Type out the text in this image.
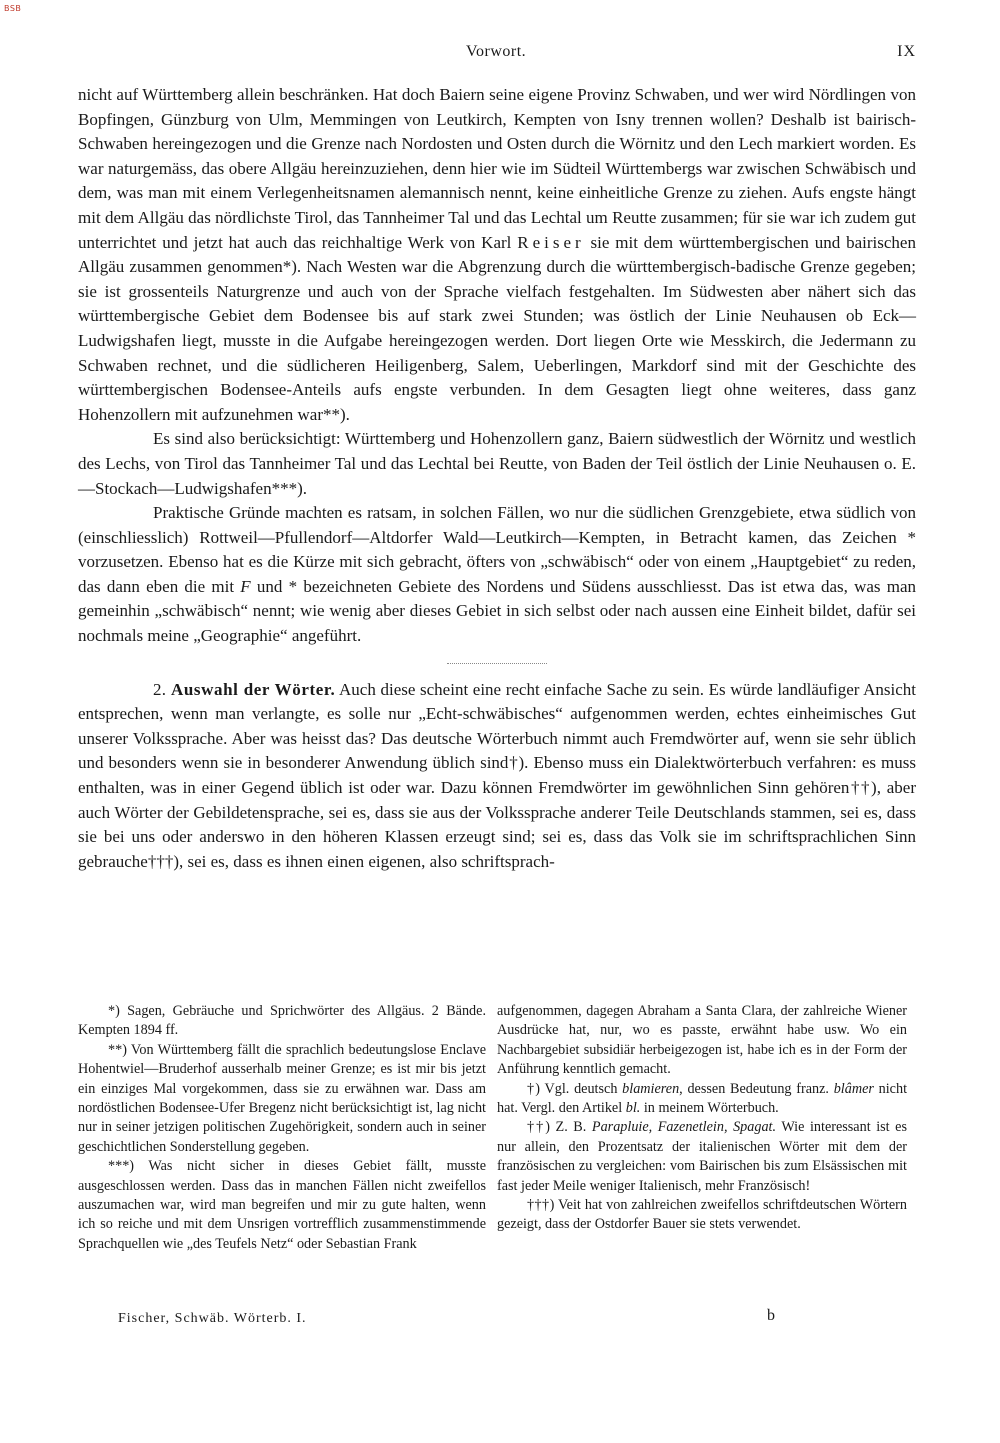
BSB
Vorwort.	IX

nicht auf Württemberg allein beschränken. Hat doch Baiern seine eigene Provinz Schwaben, und wer wird Nördlingen von Bopfingen, Günzburg von Ulm, Memmingen von Leutkirch, Kempten von Isny trennen wollen? Deshalb ist bairisch-Schwaben hereingezogen und die Grenze nach Nordosten und Osten durch die Wörnitz und den Lech markiert worden. Es war naturgemäss, das obere Allgäu hereinzuziehen, denn hier wie im Südteil Württembergs war zwischen Schwäbisch und dem, was man mit einem Verlegenheitsnamen alemannisch nennt, keine einheitliche Grenze zu ziehen. Aufs engste hängt mit dem Allgäu das nördlichste Tirol, das Tannheimer Tal und das Lechtal um Reutte zusammen; für sie war ich zudem gut unterrichtet und jetzt hat auch das reichhaltige Werk von Karl Reiser sie mit dem württembergischen und bairischen Allgäu zusammen genommen*). Nach Westen war die Abgrenzung durch die württembergisch-badische Grenze gegeben; sie ist grossenteils Naturgrenze und auch von der Sprache vielfach festgehalten. Im Südwesten aber nähert sich das württembergische Gebiet dem Bodensee bis auf stark zwei Stunden; was östlich der Linie Neuhausen ob Eck—Ludwigshafen liegt, musste in die Aufgabe hereingezogen werden. Dort liegen Orte wie Messkirch, die Jedermann zu Schwaben rechnet, und die südlicheren Heiligenberg, Salem, Ueberlingen, Markdorf sind mit der Geschichte des württembergischen Bodensee-Anteils aufs engste verbunden. In dem Gesagten liegt ohne weiteres, dass ganz Hohenzollern mit aufzunehmen war**).

Es sind also berücksichtigt: Württemberg und Hohenzollern ganz, Baiern südwestlich der Wörnitz und westlich des Lechs, von Tirol das Tannheimer Tal und das Lechtal bei Reutte, von Baden der Teil östlich der Linie Neuhausen o. E.—Stockach—Ludwigshafen***).

Praktische Gründe machten es ratsam, in solchen Fällen, wo nur die südlichen Grenzgebiete, etwa südlich von (einschliesslich) Rottweil—Pfullendorf—Altdorfer Wald—Leutkirch—Kempten, in Betracht kamen, das Zeichen * vorzusetzen. Ebenso hat es die Kürze mit sich gebracht, öfters von „schwäbisch“ oder von einem „Hauptgebiet“ zu reden, das dann eben die mit F und * bezeichneten Gebiete des Nordens und Südens ausschliesst. Das ist etwa das, was man gemeinhin „schwäbisch“ nennt; wie wenig aber dieses Gebiet in sich selbst oder nach aussen eine Einheit bildet, dafür sei nochmals meine „Geographie“ angeführt.

2. Auswahl der Wörter. Auch diese scheint eine recht einfache Sache zu sein. Es würde landläufiger Ansicht entsprechen, wenn man verlangte, es solle nur „Echt-schwäbisches“ aufgenommen werden, echtes einheimisches Gut unserer Volkssprache. Aber was heisst das? Das deutsche Wörterbuch nimmt auch Fremdwörter auf, wenn sie sehr üblich und besonders wenn sie in besonderer Anwendung üblich sind†). Ebenso muss ein Dialektwörterbuch verfahren: es muss enthalten, was in einer Gegend üblich ist oder war. Dazu können Fremdwörter im gewöhnlichen Sinn gehören††), aber auch Wörter der Gebildetensprache, sei es, dass sie aus der Volkssprache anderer Teile Deutschlands stammen, sei es, dass sie bei uns oder anderswo in den höheren Klassen erzeugt sind; sei es, dass das Volk sie im schriftsprachlichen Sinn gebrauche†††), sei es, dass es ihnen einen eigenen, also schriftsprach-

*) Sagen, Gebräuche und Sprichwörter des Allgäus. 2 Bände. Kempten 1894 ff.

**) Von Württemberg fällt die sprachlich bedeutungslose Enclave Hohentwiel—Bruderhof ausserhalb meiner Grenze; es ist mir bis jetzt ein einziges Mal vorgekommen, dass sie zu erwähnen war. Dass am nordöstlichen Bodensee-Ufer Bregenz nicht berücksichtigt ist, lag nicht nur in seiner jetzigen politischen Zugehörigkeit, sondern auch in seiner geschichtlichen Sonderstellung gegeben.

***) Was nicht sicher in dieses Gebiet fällt, musste ausgeschlossen werden. Dass das in manchen Fällen nicht zweifellos auszumachen war, wird man begreifen und mir zu gute halten, wenn ich so reiche und mit dem Unsrigen vortrefflich zusammenstimmende Sprachquellen wie „des Teufels Netz“ oder Sebastian Frank

aufgenommen, dagegen Abraham a Santa Clara, der zahlreiche Wiener Ausdrücke hat, nur, wo es passte, erwähnt habe usw. Wo ein Nachbargebiet subsidiär herbeigezogen ist, habe ich es in der Form der Anführung kenntlich gemacht.

†) Vgl. deutsch blamieren, dessen Bedeutung franz. blâmer nicht hat. Vergl. den Artikel bl. in meinem Wörterbuch.

††) Z. B. Parapluie, Fazenetlein, Spagat. Wie interessant ist es nur allein, den Prozentsatz der italienischen Wörter mit dem der französischen zu vergleichen: vom Bairischen bis zum Elsässischen mit fast jeder Meile weniger Italienisch, mehr Französisch!

†††) Veit hat von zahlreichen zweifellos schriftdeutschen Wörtern gezeigt, dass der Ostdorfer Bauer sie stets verwendet.

Fischer, Schwäb. Wörterb. I.	b
